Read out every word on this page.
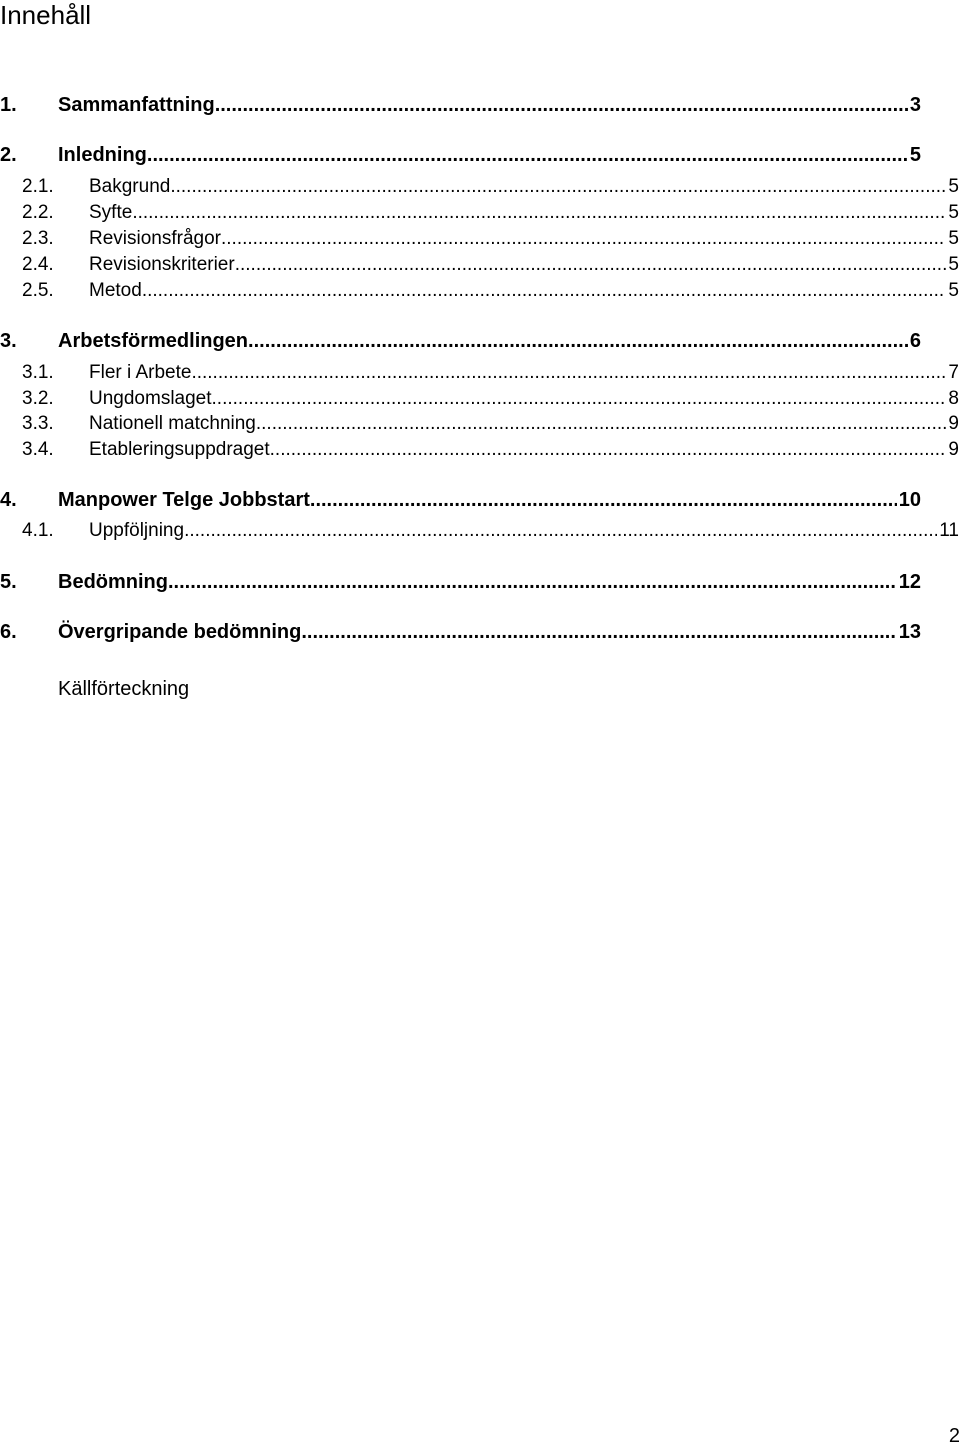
Innehåll
1.	Sammanfattning .....	3
2.	Inledning .....	5
2.1.	Bakgrund .....	5
2.2.	Syfte .....	5
2.3.	Revisionsfrågor .....	5
2.4.	Revisionskriterier .....	5
2.5.	Metod .....	5
3.	Arbetsförmedlingen .....	6
3.1.	Fler i Arbete .....	7
3.2.	Ungdomslaget .....	8
3.3.	Nationell matchning .....	9
3.4.	Etableringsuppdraget .....	9
4.	Manpower Telge Jobbstart .....	10
4.1.	Uppföljning .....	11
5.	Bedömning .....	12
6.	Övergripande bedömning .....	13
Källförteckning
2
